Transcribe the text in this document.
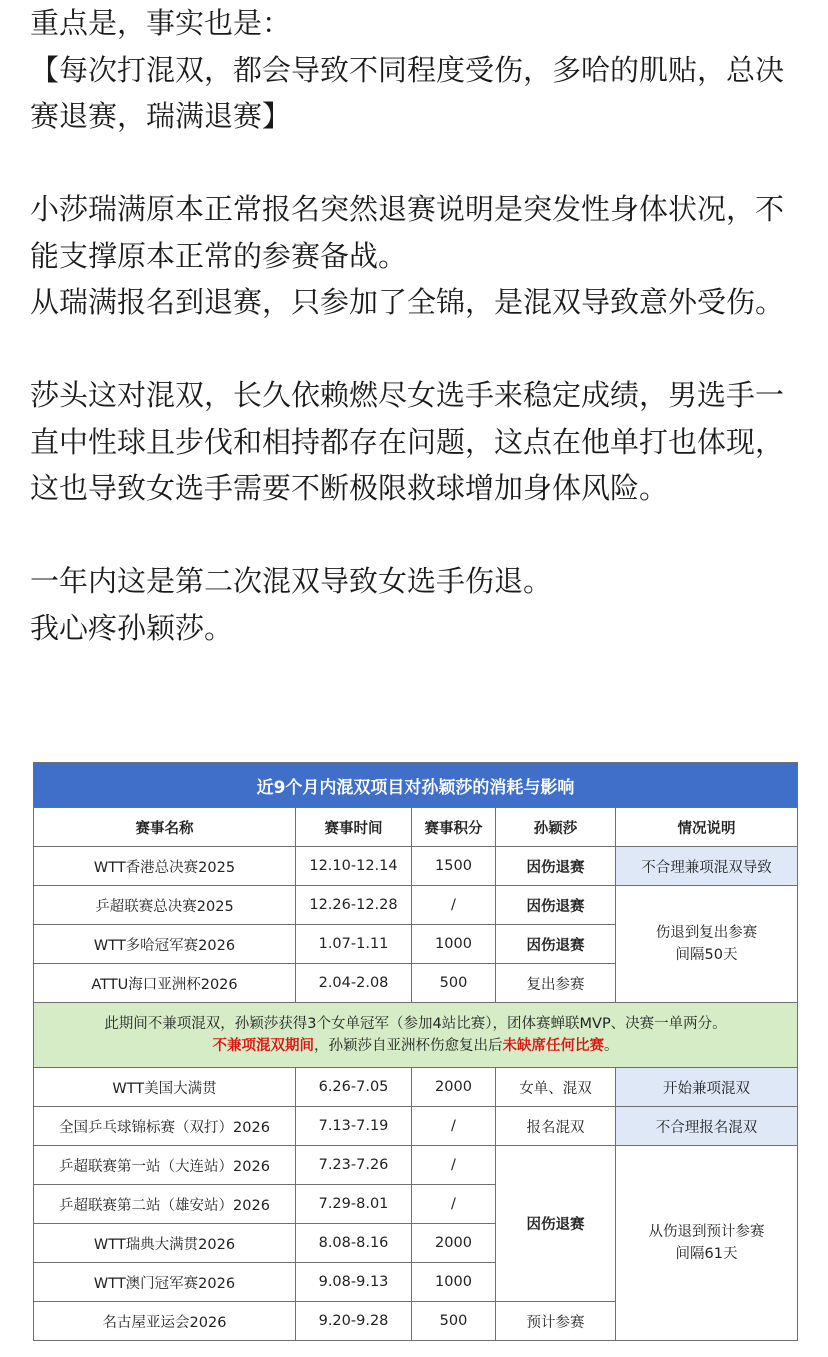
重点是，事实也是：

【每次打混双，都会导致不同程度受伤，多哈的肌贴，总决赛退赛，瑞满退赛】

小莎瑞满原本正常报名突然退赛说明是突发性身体状况，不能支撑原本正常的参赛备战。

从瑞满报名到退赛，只参加了全锦，是混双导致意外受伤。

莎头这对混双，长久依赖燃尽女选手来稳定成绩，男选手一直中性球且步伐和相持都存在问题，这点在他单打也体现，这也导致女选手需要不断极限救球增加身体风险。

一年内这是第二次混双导致女选手伤退。

我心疼孙颖莎。

近9个月内混双项目对孙颖莎的消耗与影响				
赛事名称	赛事时间	赛事积分	孙颖莎	情况说明
WTT香港总决赛2025	12.10-12.14	1500	因伤退赛	不合理兼项混双导致
乒超联赛总决赛2025	12.26-12.28	/	因伤退赛	伤退到复出参赛
间隔50天
WTT多哈冠军赛2026	1.07-1.11	1000	因伤退赛	
ATTU海口亚洲杯2026	2.04-2.08	500	复出参赛	
此期间不兼项混双，孙颖莎获得3个女单冠军（参加4站比赛），团体赛蝉联MVP、决赛一单两分。
不兼项混双期间，孙颖莎自亚洲杯伤愈复出后未缺席任何比赛。				
WTT美国大满贯	6.26-7.05	2000	女单、混双	开始兼项混双
全国乒乓球锦标赛（双打）2026	7.13-7.19	/	报名混双	不合理报名混双
乒超联赛第一站（大连站）2026	7.23-7.26	/	因伤退赛	从伤退到预计参赛
间隔61天
乒超联赛第二站（雄安站）2026	7.29-8.01	/		
WTT瑞典大满贯2026	8.08-8.16	2000		
WTT澳门冠军赛2026	9.08-9.13	1000		
名古屋亚运会2026	9.20-9.28	500	预计参赛	
